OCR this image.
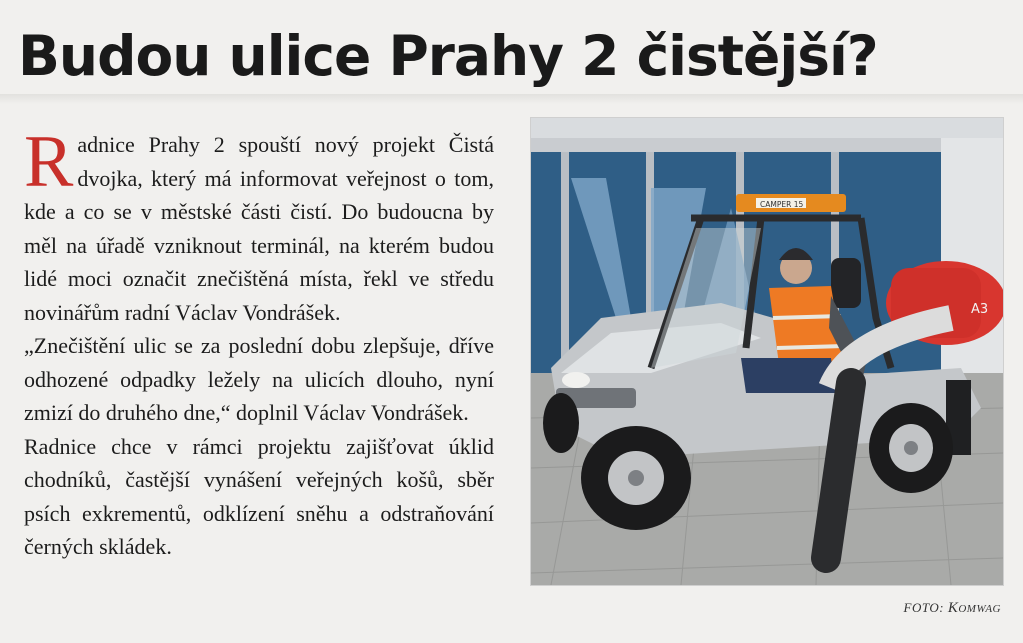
Budou ulice Prahy 2 čistější?

Radnice Prahy 2 spouští nový projekt Čistá dvojka, který má informovat veřejnost o tom, kde a co se v městské části čistí. Do budoucna by měl na úřadě vzniknout terminál, na kterém budou lidé moci označit znečištěná místa, řekl ve středu novinářům radní Václav Vondrášek.

„Znečištění ulic se za poslední dobu zlepšuje, dříve odhozené odpadky ležely na ulicích dlouho, nyní zmizí do druhého dne,“ doplnil Václav Vondrášek.

Radnice chce v rámci projektu zajišťovat úklid chodníků, častější vynášení veřejných košů, sběr psích exkrementů, odklízení sněhu a odstraňování černých skládek.

A3
CAMPER 15
FOTO: Komwag
